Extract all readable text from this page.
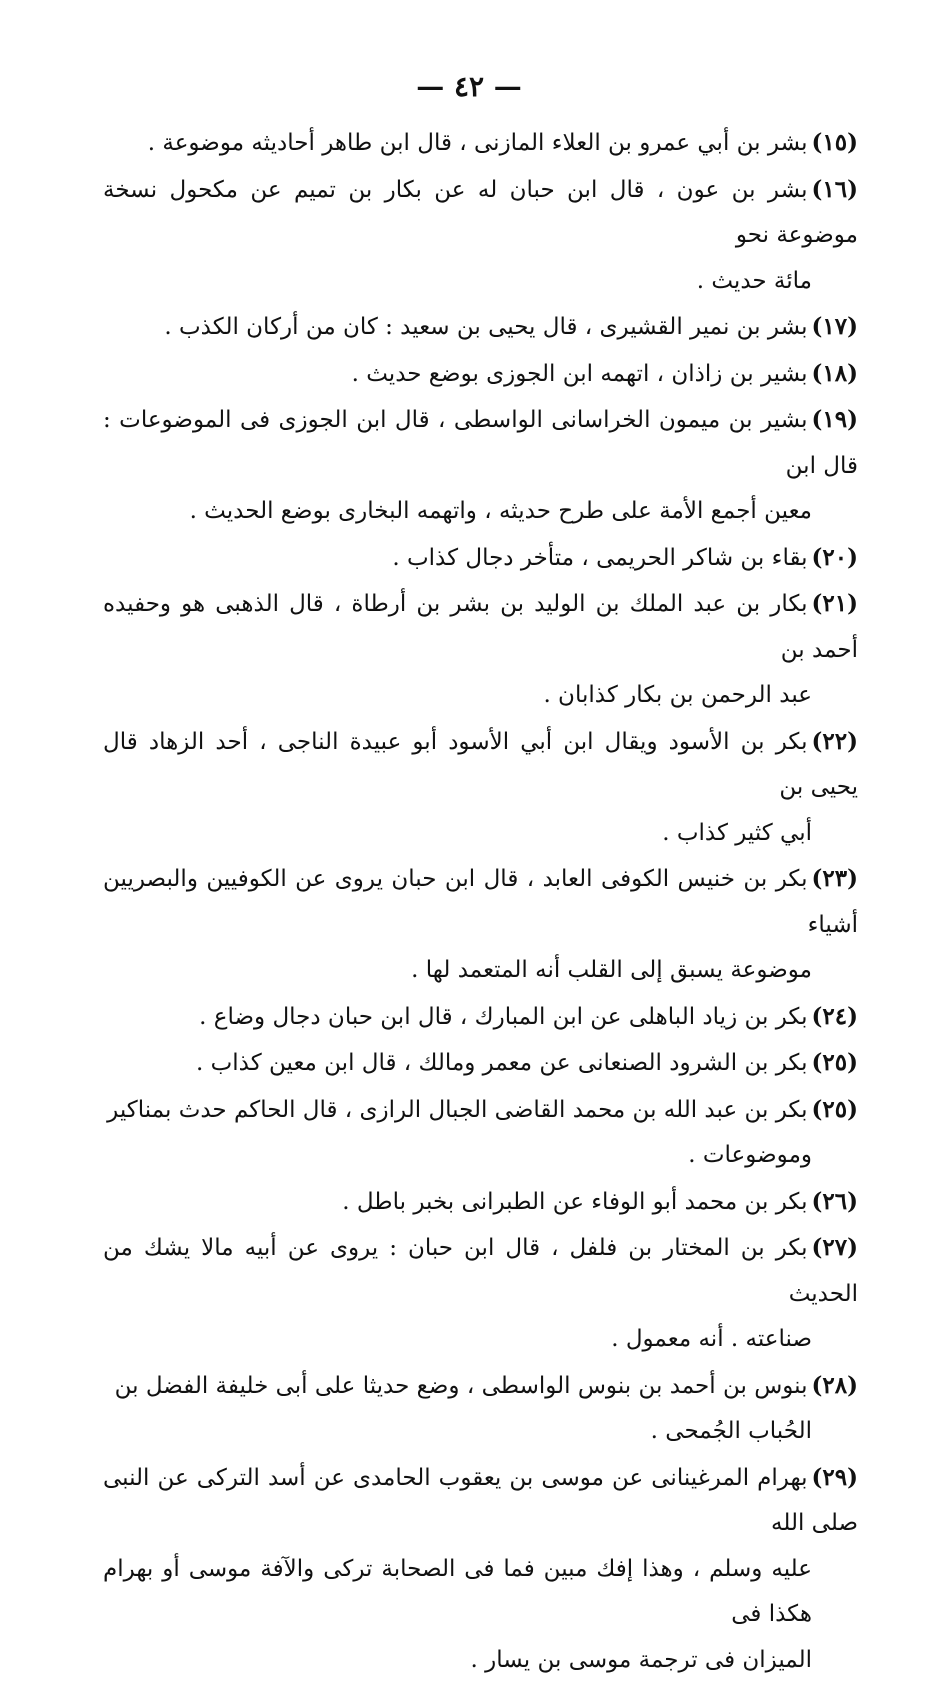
— ٤٢ —

(١٥)بشر بن أبي عمرو بن العلاء المازنى ، قال ابن طاهر أحاديثه موضوعة .

(١٦)بشر بن عون ، قال ابن حبان له عن بكار بن تميم عن مكحول نسخة موضوعة نحو
مائة حديث .

(١٧)بشر بن نمير القشيرى ، قال يحيى بن سعيد : كان من أركان الكذب .

(١٨)بشير بن زاذان ، اتهمه ابن الجوزى بوضع حديث .

(١٩)بشير بن ميمون الخراسانى الواسطى ، قال ابن الجوزى فى الموضوعات : قال ابن
معين أجمع الأمة على طرح حديثه ، واتهمه البخارى بوضع الحديث .

(٢٠)بقاء بن شاكر الحريمى ، متأخر دجال كذاب .

(٢١)بكار بن عبد الملك بن الوليد بن بشر بن أرطاة ، قال الذهبى هو وحفيده أحمد بن
عبد الرحمن بن بكار كذابان .

(٢٢)بكر بن الأسود ويقال ابن أبي الأسود أبو عبيدة الناجى ، أحد الزهاد قال يحيى بن
أبي كثير كذاب .

(٢٣)بكر بن خنيس الكوفى العابد ، قال ابن حبان يروى عن الكوفيين والبصريين أشياء
موضوعة يسبق إلى القلب أنه المتعمد لها .

(٢٤)بكر بن زياد الباهلى عن ابن المبارك ، قال ابن حبان دجال وضاع .

(٢٥)بكر بن الشرود الصنعانى عن معمر ومالك ، قال ابن معين كذاب .

(٢٥)بكر بن عبد الله بن محمد القاضى الجبال الرازى ، قال الحاكم حدث بمناكير
وموضوعات .

(٢٦)بكر بن محمد أبو الوفاء عن الطبرانى بخبر باطل .

(٢٧)بكر بن المختار بن فلفل ، قال ابن حبان : يروى عن أبيه مالا يشك من الحديث
صناعته . أنه معمول .

(٢٨)بنوس بن أحمد بن بنوس الواسطى ، وضع حديثا على أبى خليفة الفضل بن
الحُباب الجُمحى .

(٢٩)بهرام المرغينانى عن موسى بن يعقوب الحامدى عن أسد التركى عن النبى صلى الله
عليه وسلم ، وهذا إفك مبين فما فى الصحابة تركى والآفة موسى أو بهرام هكذا فى
الميزان فى ترجمة موسى بن يسار .
